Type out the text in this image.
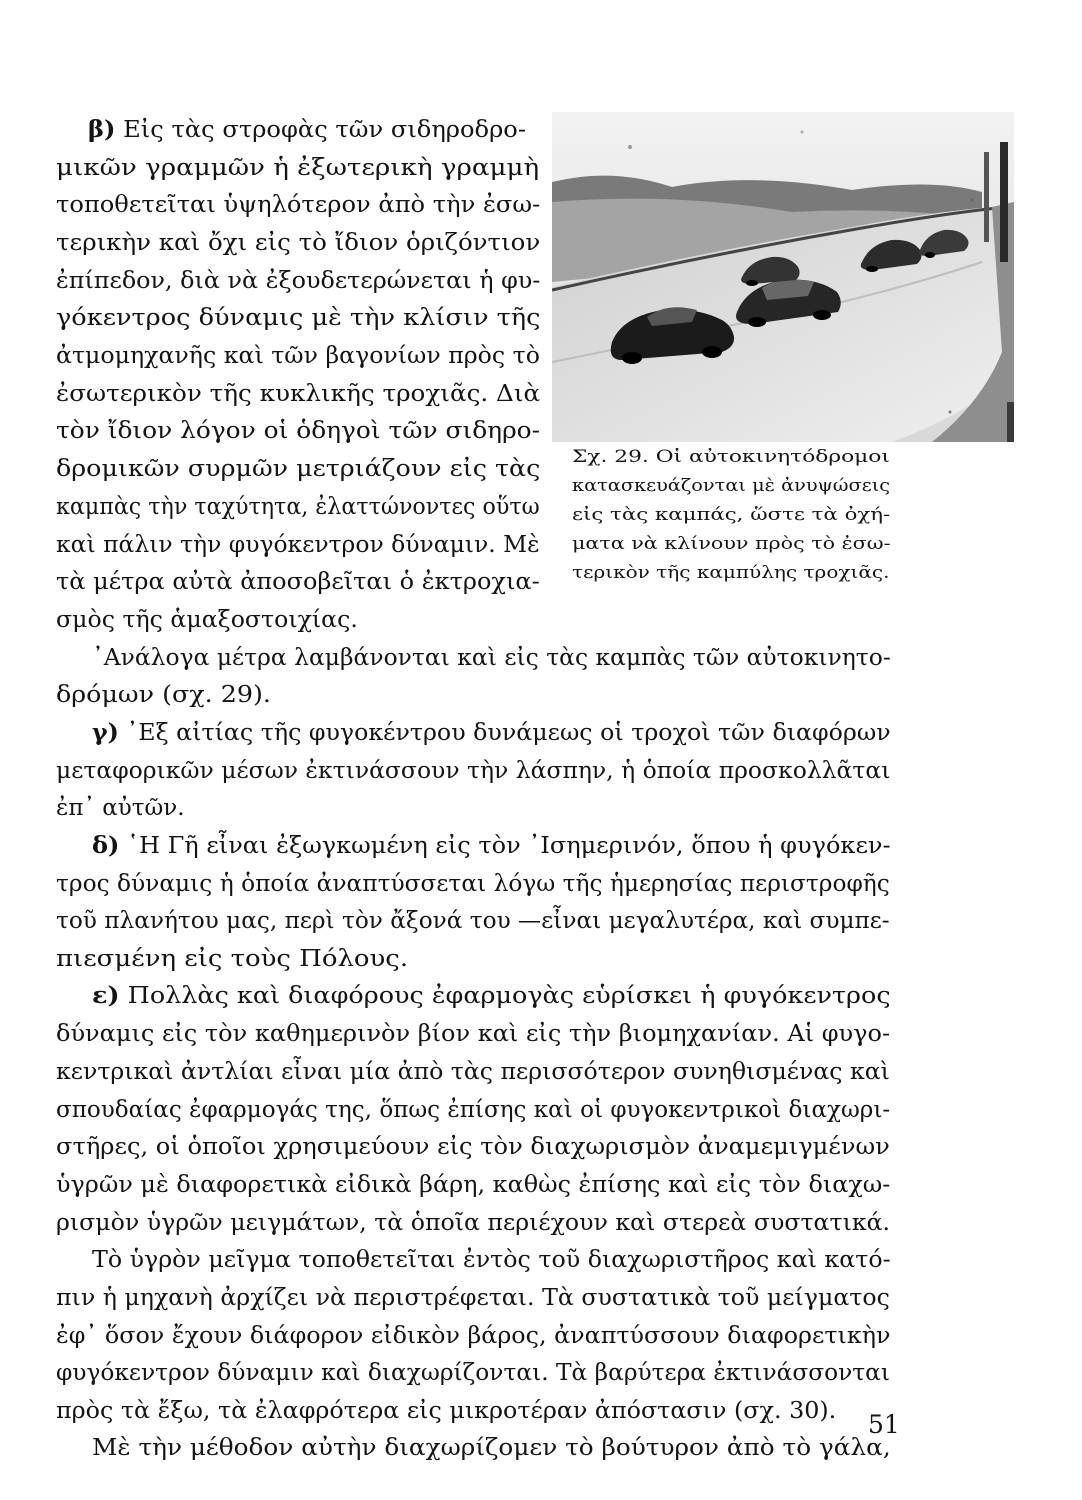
β) Εἰς τὰς στροφὰς τῶν σιδηροδρο-
μικῶν γραμμῶν ἡ ἐξωτερικὴ γραμμὴ
τοποθετεῖται ὑψηλότερον ἀπὸ τὴν ἐσω-
τερικὴν καὶ ὄχι εἰς τὸ ἴδιον ὁριζόντιον
ἐπίπεδον, διὰ νὰ ἐξουδετερώνεται ἡ φυ-
γόκεντρος δύναμις μὲ τὴν κλίσιν τῆς
ἀτμομηχανῆς καὶ τῶν βαγονίων πρὸς τὸ
ἐσωτερικὸν τῆς κυκλικῆς τροχιᾶς. Διὰ
τὸν ἴδιον λόγον οἱ ὁδηγοὶ τῶν σιδηρο-
δρομικῶν συρμῶν μετριάζουν εἰς τὰς
καμπὰς τὴν ταχύτητα, ἐλαττώνοντες οὕτω
καὶ πάλιν τὴν φυγόκεντρον δύναμιν. Μὲ
τὰ μέτρα αὐτὰ ἀποσοβεῖται ὁ ἐκτροχια-
σμὸς τῆς ἁμαξοστοιχίας.
᾿Ανάλογα μέτρα λαμβάνονται καὶ εἰς τὰς καμπὰς τῶν αὐτοκινητο-
δρόμων (σχ. 29).
γ) ᾿Εξ αἰτίας τῆς φυγοκέντρου δυνάμεως οἱ τροχοὶ τῶν διαφόρων
μεταφορικῶν μέσων ἐκτινάσσουν τὴν λάσπην, ἡ ὁποία προσκολλᾶται
ἐπ᾿ αὐτῶν.
δ) ῾Η Γῆ εἶναι ἐξωγκωμένη εἰς τὸν ᾿Ισημερινόν, ὅπου ἡ φυγόκεν-
τρος δύναμις ἡ ὁποία ἀναπτύσσεται λόγω τῆς ἡμερησίας περιστροφῆς
τοῦ πλανήτου μας, περὶ τὸν ἄξονά του —εἶναι μεγαλυτέρα, καὶ συμπε-
πιεσμένη εἰς τοὺς Πόλους.
ε) Πολλὰς καὶ διαφόρους ἐφαρμογὰς εὑρίσκει ἡ φυγόκεντρος
δύναμις εἰς τὸν καθημερινὸν βίον καὶ εἰς τὴν βιομηχανίαν. Αἱ φυγο-
κεντρικαὶ ἀντλίαι εἶναι μία ἀπὸ τὰς περισσότερον συνηθισμένας καὶ
σπουδαίας ἐφαρμογάς της, ὅπως ἐπίσης καὶ οἱ φυγοκεντρικοὶ διαχωρι-
στῆρες, οἱ ὁποῖοι χρησιμεύουν εἰς τὸν διαχωρισμὸν ἀναμεμιγμένων
ὑγρῶν μὲ διαφορετικὰ εἰδικὰ βάρη, καθὼς ἐπίσης καὶ εἰς τὸν διαχω-
ρισμὸν ὑγρῶν μειγμάτων, τὰ ὁποῖα περιέχουν καὶ στερεὰ συστατικά.
Τὸ ὑγρὸν μεῖγμα τοποθετεῖται ἐντὸς τοῦ διαχωριστῆρος καὶ κατό-
πιν ἡ μηχανὴ ἀρχίζει νὰ περιστρέφεται. Τὰ συστατικὰ τοῦ μείγματος
ἐφ᾿ ὅσον ἔχουν διάφορον εἰδικὸν βάρος, ἀναπτύσσουν διαφορετικὴν
φυγόκεντρον δύναμιν καὶ διαχωρίζονται. Τὰ βαρύτερα ἐκτινάσσονται
πρὸς τὰ ἔξω, τὰ ἐλαφρότερα εἰς μικροτέραν ἀπόστασιν (σχ. 30).
Μὲ τὴν μέθοδον αὐτὴν διαχωρίζομεν τὸ βούτυρον ἀπὸ τὸ γάλα,
Σχ. 29. Οἱ αὐτοκινητόδρομοι
κατασκευάζονται μὲ ἀνυψώσεις
εἰς τὰς καμπάς, ὥστε τὰ ὀχή-
ματα νὰ κλίνουν πρὸς τὸ ἐσω-
τερικὸν τῆς καμπύλης τροχιᾶς.
51
